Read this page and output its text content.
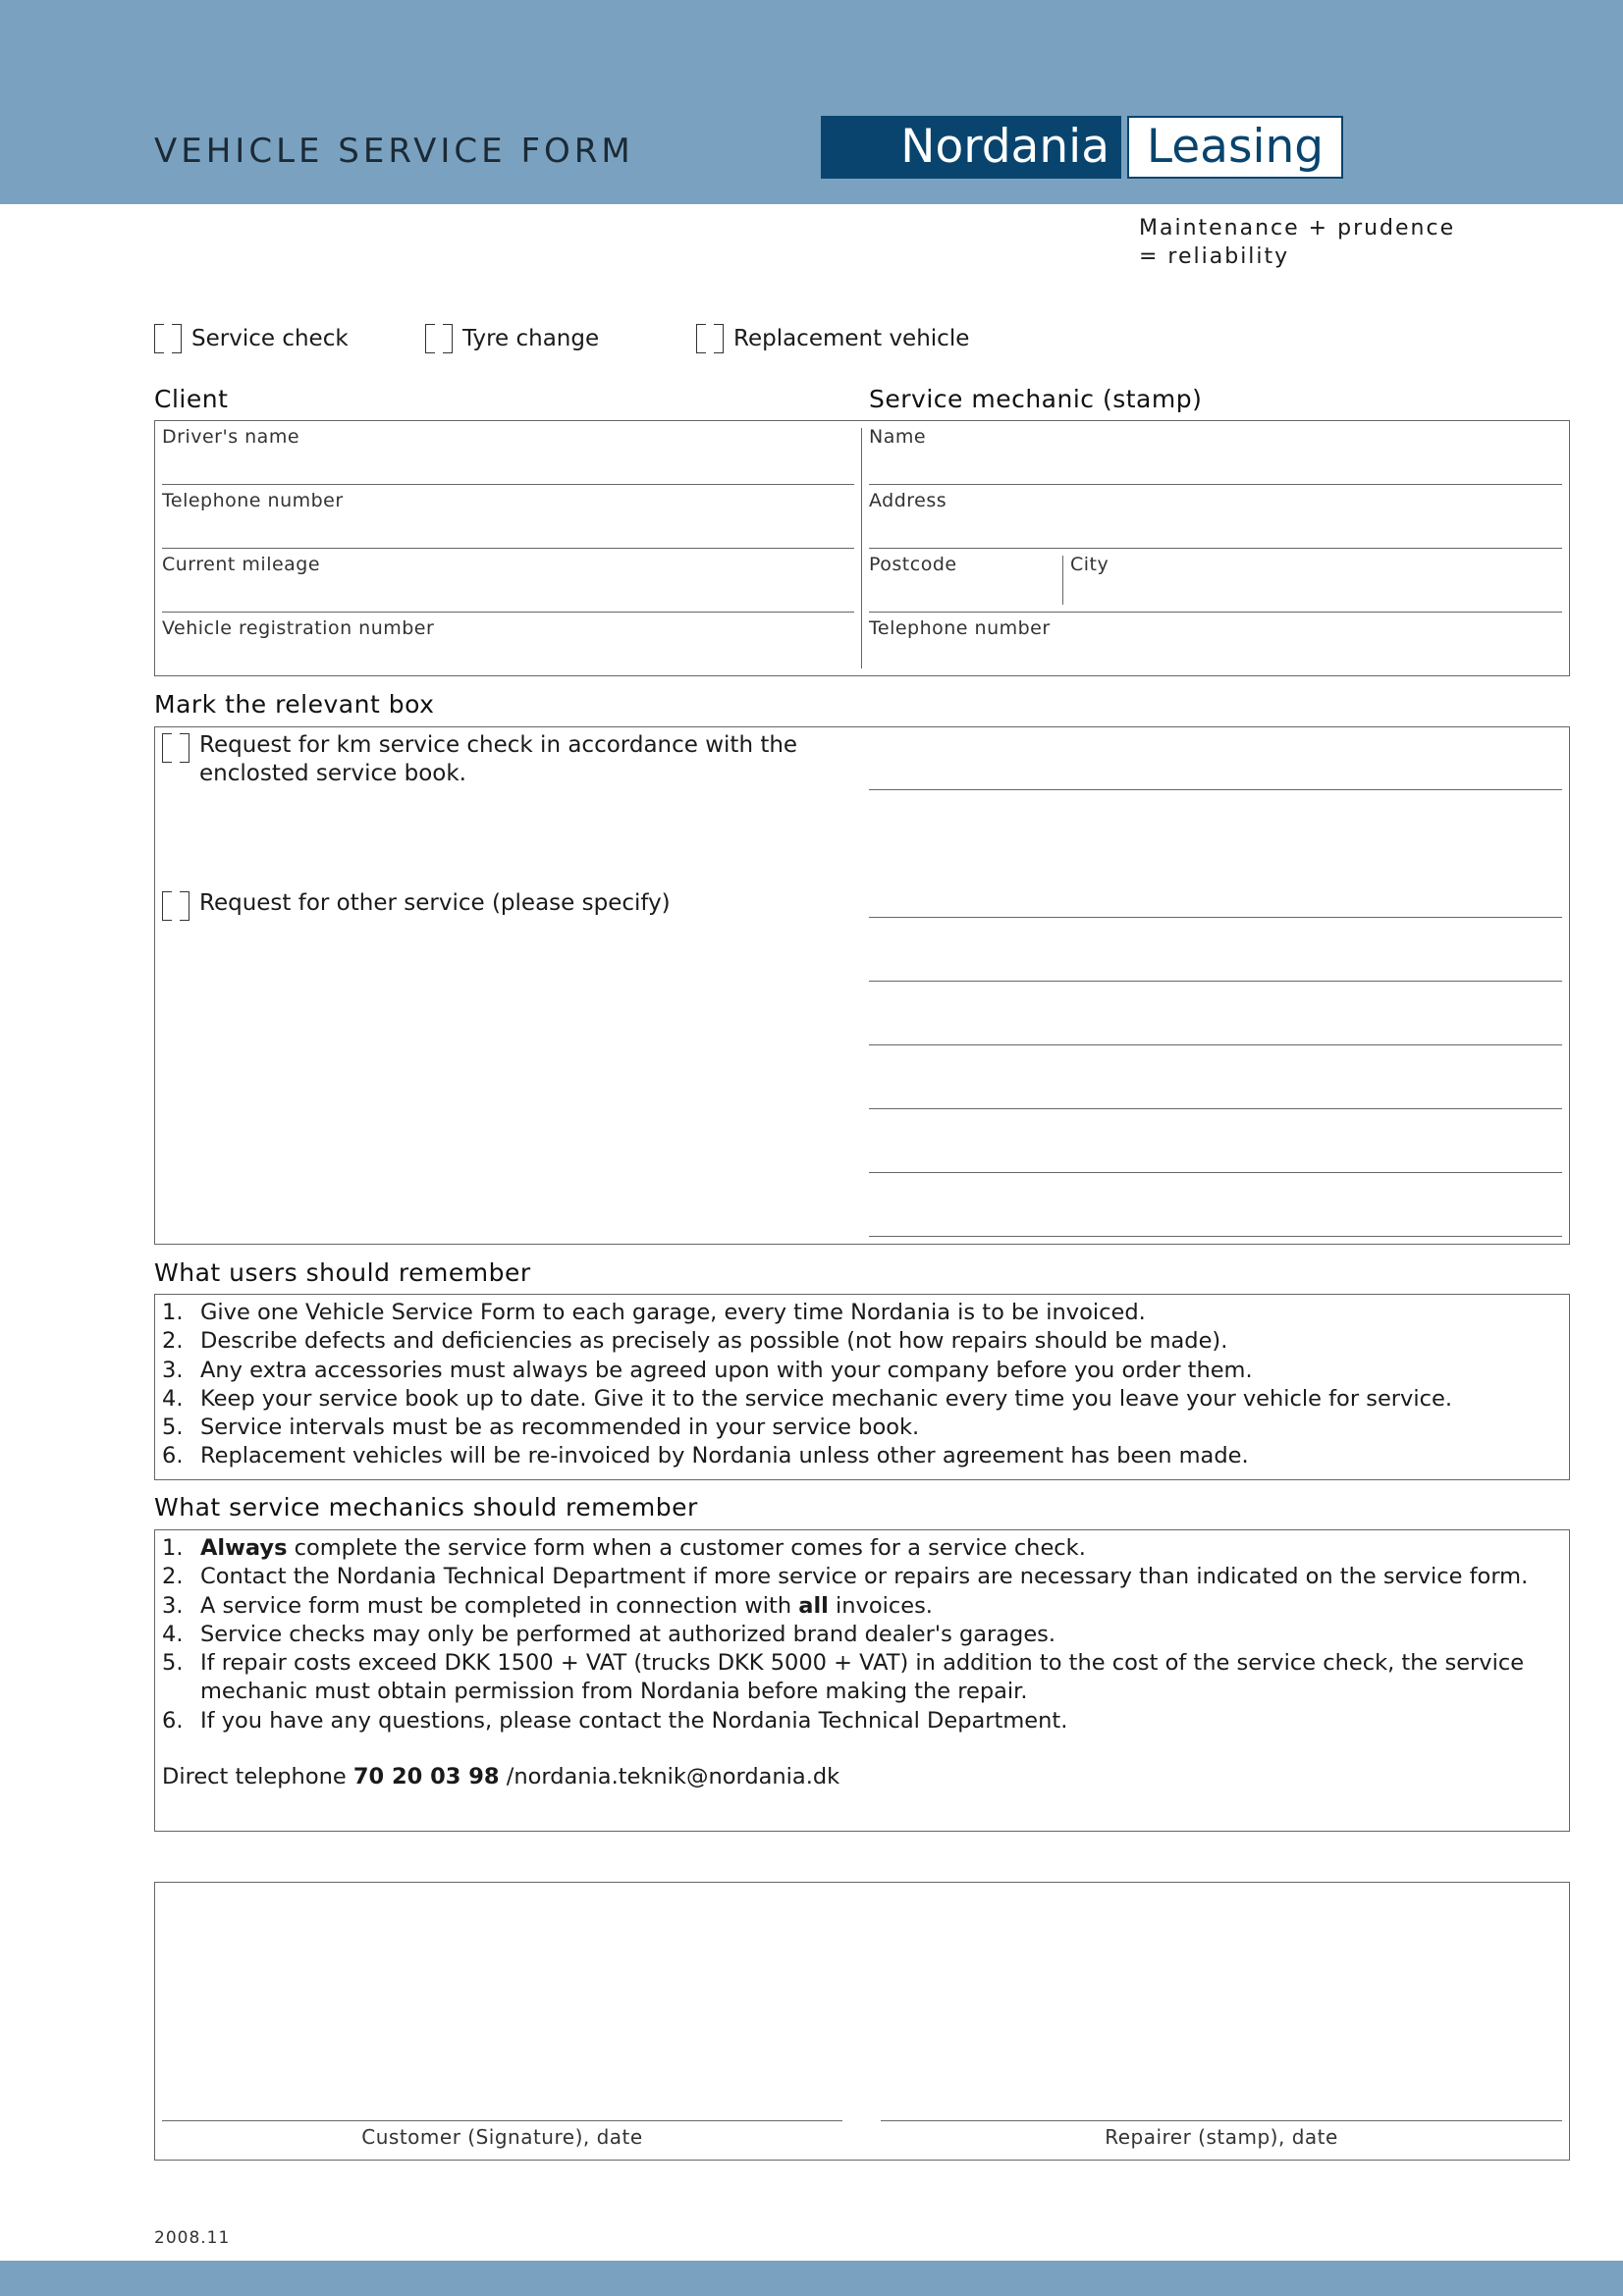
VEHICLE SERVICE FORM	Nordania Leasing
Maintenance + prudence
= reliability
Service check	Tyre change	Replacement vehicle
Client	Service mechanic (stamp)
Driver's name
Telephone number
Current mileage
Vehicle registration number
Name
Address
Postcode	City
Telephone number
Mark the relevant box
Request for km service check in accordance with the
enclosted service book.
Request for other service (please specify)
What users should remember
1. Give one Vehicle Service Form to each garage, every time Nordania is to be invoiced.
2. Describe defects and deficiencies as precisely as possible (not how repairs should be made).
3. Any extra accessories must always be agreed upon with your company before you order them.
4. Keep your service book up to date. Give it to the service mechanic every time you leave your vehicle for service.
5. Service intervals must be as recommended in your service book.
6. Replacement vehicles will be re-invoiced by Nordania unless other agreement has been made.
What service mechanics should remember
1. Always complete the service form when a customer comes for a service check.
2. Contact the Nordania Technical Department if more service or repairs are necessary than indicated on the service form.
3. A service form must be completed in connection with all invoices.
4. Service checks may only be performed at authorized brand dealer's garages.
5. If repair costs exceed DKK 1500 + VAT (trucks DKK 5000 + VAT) in addition to the cost of the service check, the service
mechanic must obtain permission from Nordania before making the repair.
6. If you have any questions, please contact the Nordania Technical Department.
Direct telephone 70 20 03 98 /nordania.teknik@nordania.dk
Customer (Signature), date	Repairer (stamp), date
2008.11
